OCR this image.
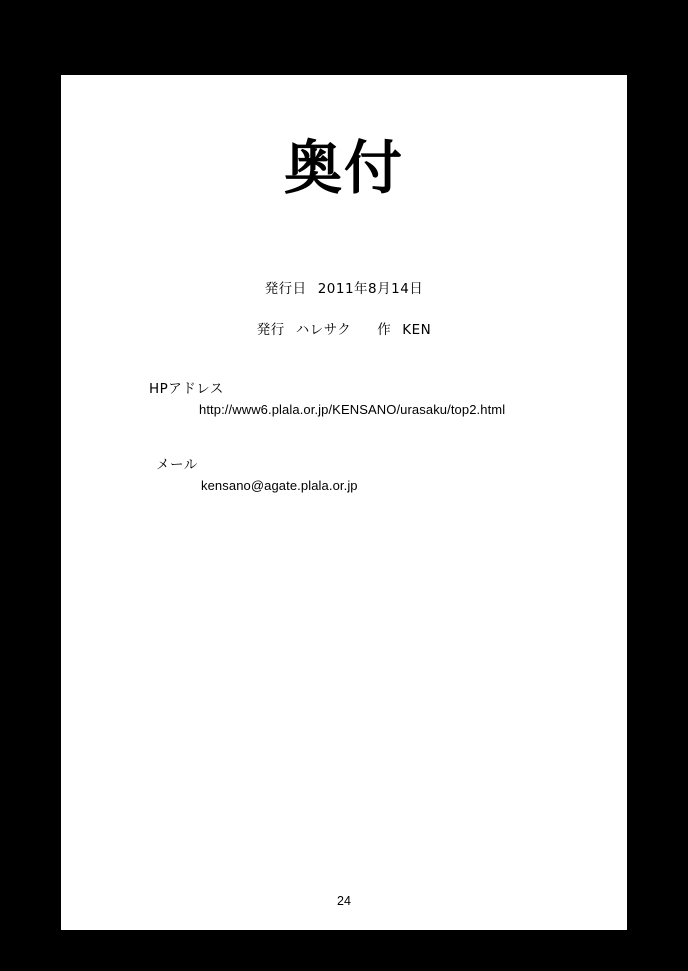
奥付

発行日 2011年8月14日

発行 ハレサク 作 KEN

HPアドレス

http://www6.plala.or.jp/KENSANO/urasaku/top2.html

メール

kensano@agate.plala.or.jp

24
